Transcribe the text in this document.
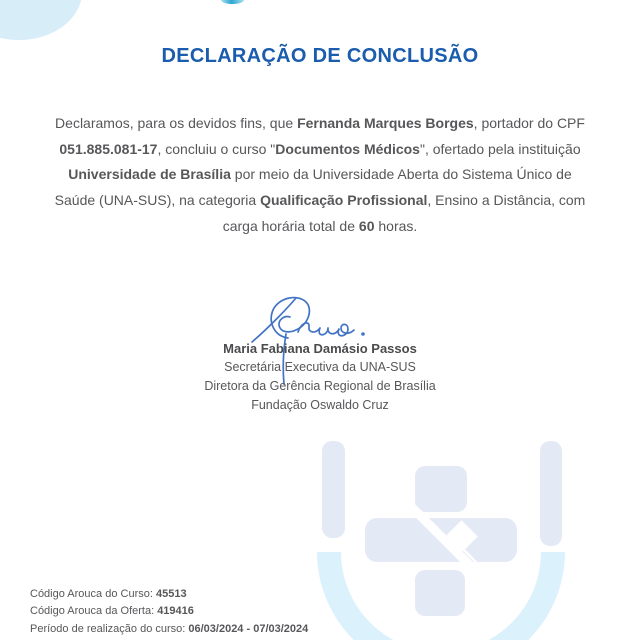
DECLARAÇÃO DE CONCLUSÃO
Declaramos, para os devidos fins, que Fernanda Marques Borges, portador do CPF
051.885.081-17, concluiu o curso "Documentos Médicos", ofertado pela instituição
Universidade de Brasília por meio da Universidade Aberta do Sistema Único de
Saúde (UNA-SUS), na categoria Qualificação Profissional, Ensino a Distância, com
carga horária total de 60 horas.
Maria Fabiana Damásio Passos
Secretária Executiva da UNA-SUS
Diretora da Gerência Regional de Brasília
Fundação Oswaldo Cruz
Código Arouca do Curso: 45513
Código Arouca da Oferta: 419416
Período de realização do curso: 06/03/2024 - 07/03/2024
